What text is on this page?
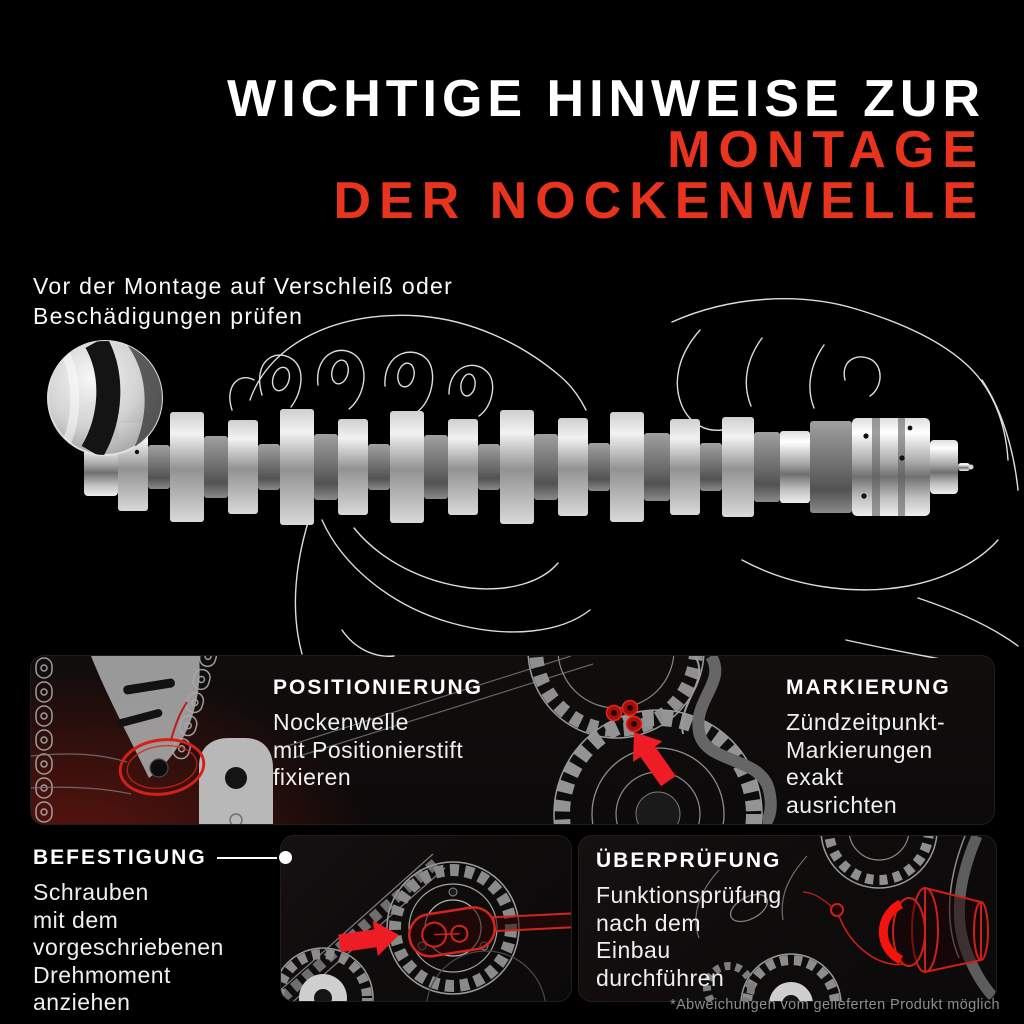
WICHTIGE HINWEISE ZUR
MONTAGE
DER NOCKENWELLE
Vor der Montage auf Verschleiß oder
Beschädigungen prüfen
POSITIONIERUNG
Nockenwelle
mit Positionierstift
fixieren
MARKIERUNG
Zündzeitpunkt-
Markierungen
exakt
ausrichten
BEFESTIGUNG
Schrauben
mit dem
vorgeschriebenen
Drehmoment
anziehen
ÜBERPRÜFUNG
Funktionsprüfung
nach dem
Einbau
durchführen
*Abweichungen vom gelieferten Produkt möglich
